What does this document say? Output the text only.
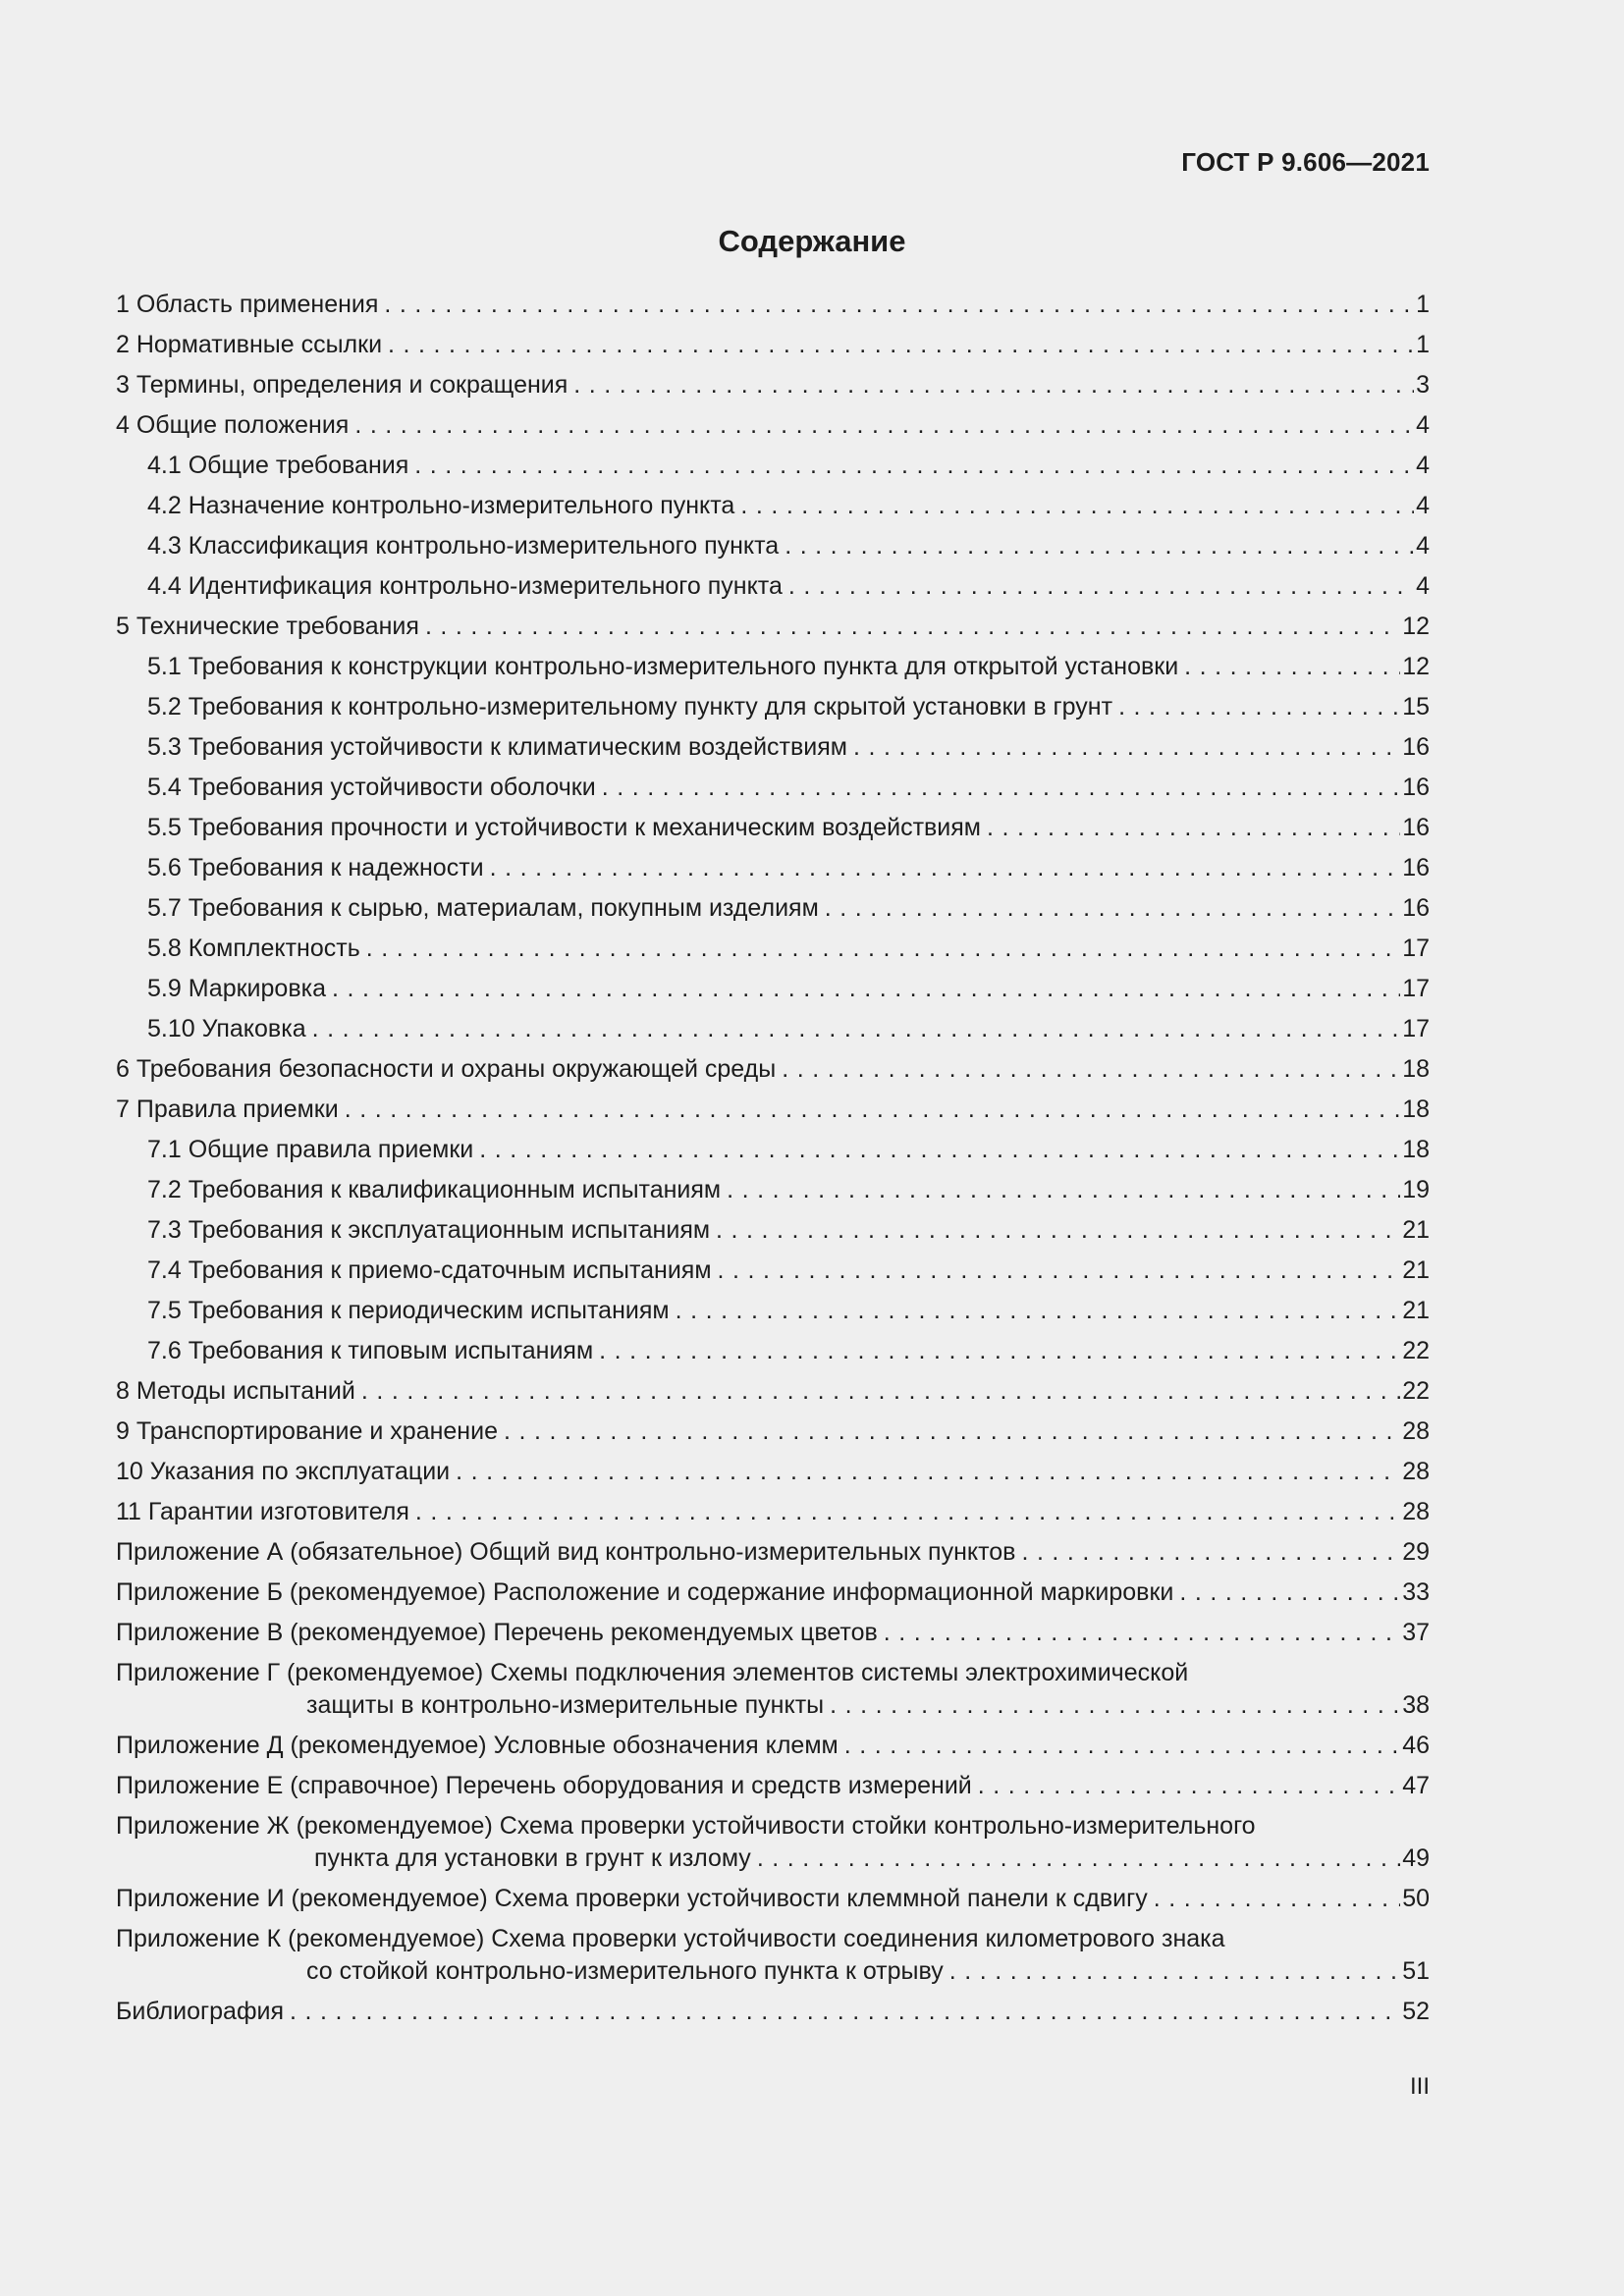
ГОСТ Р 9.606—2021
Содержание
1 Область применения . . .	1
2 Нормативные ссылки . . .	1
3 Термины, определения и сокращения . . .	3
4 Общие положения . . .	4
4.1 Общие требования . . .	4
4.2 Назначение контрольно-измерительного пункта . . .	4
4.3 Классификация контрольно-измерительного пункта . . .	4
4.4 Идентификация контрольно-измерительного пункта . . .	4
5 Технические требования . . .	12
5.1 Требования к конструкции контрольно-измерительного пункта для открытой установки . . .	12
5.2 Требования к контрольно-измерительному пункту для скрытой установки в грунт . . .	15
5.3 Требования устойчивости к климатическим воздействиям . . .	16
5.4 Требования устойчивости оболочки . . .	16
5.5 Требования прочности и устойчивости к механическим воздействиям . . .	16
5.6 Требования к надежности . . .	16
5.7 Требования к сырью, материалам, покупным изделиям . . .	16
5.8 Комплектность . . .	17
5.9 Маркировка . . .	17
5.10 Упаковка . . .	17
6 Требования безопасности и охраны окружающей среды . . .	18
7 Правила приемки . . .	18
7.1 Общие правила приемки . . .	18
7.2 Требования к квалификационным испытаниям . . .	19
7.3 Требования к эксплуатационным испытаниям . . .	21
7.4 Требования к приемо-сдаточным испытаниям . . .	21
7.5 Требования к периодическим испытаниям . . .	21
7.6 Требования к типовым испытаниям . . .	22
8 Методы испытаний . . .	22
9 Транспортирование и хранение . . .	28
10 Указания по эксплуатации . . .	28
11 Гарантии изготовителя . . .	28
Приложение А (обязательное) Общий вид контрольно-измерительных пунктов . . .	29
Приложение Б (рекомендуемое) Расположение и содержание информационной маркировки . . .	33
Приложение В (рекомендуемое) Перечень рекомендуемых цветов . . .	37
Приложение Г (рекомендуемое) Схемы подключения элементов системы электрохимической
защиты в контрольно-измерительные пункты . . .	38
Приложение Д (рекомендуемое) Условные обозначения клемм . . .	46
Приложение Е (справочное) Перечень оборудования и средств измерений . . .	47
Приложение Ж (рекомендуемое) Схема проверки устойчивости стойки контрольно-измерительного
пункта для установки в грунт к излому . . .	49
Приложение И (рекомендуемое) Схема проверки устойчивости клеммной панели к сдвигу . . .	50
Приложение К (рекомендуемое) Схема проверки устойчивости соединения километрового знака
со стойкой контрольно-измерительного пункта к отрыву . . .	51
Библиография . . .	52
III
